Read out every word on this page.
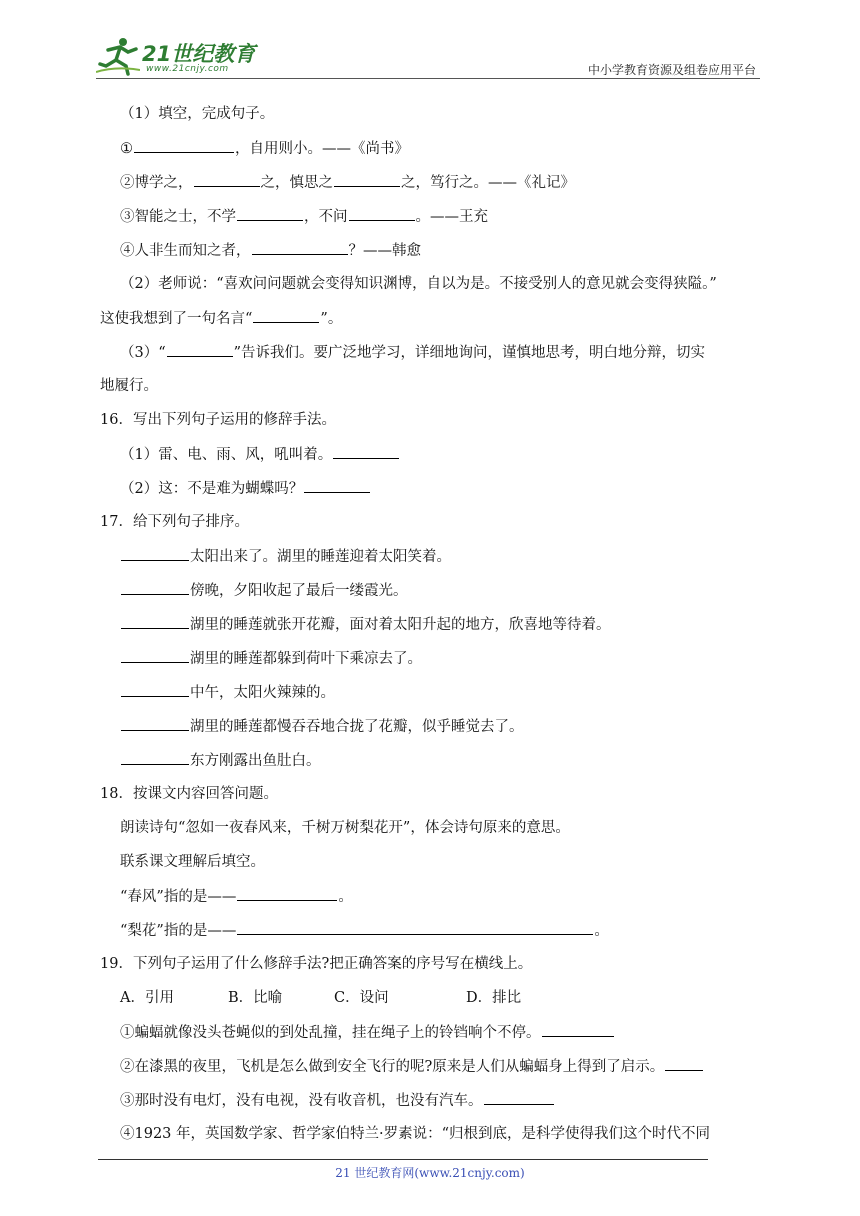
21世纪教育
www.21cnjy.com	中小学教育资源及组卷应用平台
（1）填空，完成句子。
①	，自用则小。——《尚书》
②博学之，	之，慎思之	之，笃行之。——《礼记》
③智能之士，不学	，不问	。——王充
④人非生而知之者，	？——韩愈
（2）老师说：“喜欢问问题就会变得知识渊博，自以为是。不接受别人的意见就会变得狭隘。”
这使我想到了一句名言“	”。
（3）“	”告诉我们。要广泛地学习，详细地询问，谨慎地思考，明白地分辩，切实
地履行。
16．写出下列句子运用的修辞手法。
（1）雷、电、雨、风，吼叫着。
（2）这：不是难为蝴蝶吗？
17．给下列句子排序。
太阳出来了。湖里的睡莲迎着太阳笑着。
傍晚，夕阳收起了最后一缕霞光。
湖里的睡莲就张开花瓣，面对着太阳升起的地方，欣喜地等待着。
湖里的睡莲都躲到荷叶下乘凉去了。
中午，太阳火辣辣的。
湖里的睡莲都慢吞吞地合拢了花瓣，似乎睡觉去了。
东方刚露出鱼肚白。
18．按课文内容回答问题。
朗读诗句“忽如一夜春风来，千树万树梨花开”，体会诗句原来的意思。
联系课文理解后填空。
“春风”指的是——	。
“梨花”指的是——	。
19．下列句子运用了什么修辞手法?把正确答案的序号写在横线上。
A．引用	B．比喻	C．设问	D．排比
①蝙蝠就像没头苍蝇似的到处乱撞，挂在绳子上的铃铛响个不停。
②在漆黑的夜里，飞机是怎么做到安全飞行的呢?原来是人们从蝙蝠身上得到了启示。
③那时没有电灯，没有电视，没有收音机，也没有汽车。
④1923 年，英国数学家、哲学家伯特兰·罗素说：“归根到底，是科学使得我们这个时代不同
21 世纪教育网(www.21cnjy.com)
